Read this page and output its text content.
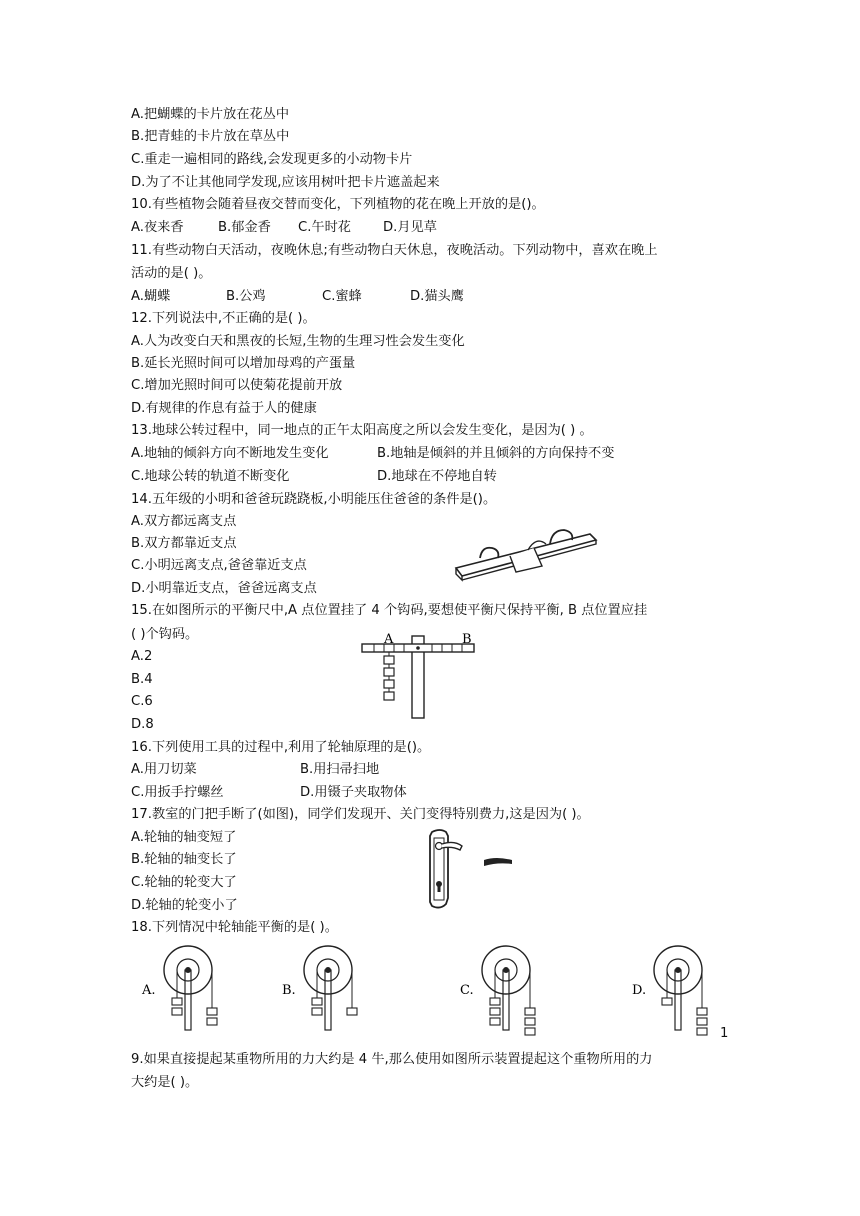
A.把蝴蝶的卡片放在花丛中
B.把青蛙的卡片放在草丛中
C.重走一遍相同的路线,会发现更多的小动物卡片
D.为了不让其他同学发现,应该用树叶把卡片遮盖起来
10.有些植物会随着昼夜交替而变化，下列植物的花在晚上开放的是()。
A.夜来香	B.郁金香 C.午时花 D.月见草
11.有些动物白天活动，夜晚休息;有些动物白天休息，夜晚活动。下列动物中，喜欢在晚上
活动的是( )。
A.蝴蝶	B.公鸡	C.蜜蜂	D.猫头鹰
12.下列说法中,不正确的是( )。
A.人为改变白天和黑夜的长短,生物的生理习性会发生变化
B.延长光照时间可以增加母鸡的产蛋量
C.增加光照时间可以使菊花提前开放
D.有规律的作息有益于人的健康
13.地球公转过程中，同一地点的正午太阳高度之所以会发生变化，是因为( ) 。
A.地轴的倾斜方向不断地发生变化	B.地轴是倾斜的并且倾斜的方向保持不变
C.地球公转的轨道不断变化	D.地球在不停地自转
14.五年级的小明和爸爸玩跷跷板,小明能压住爸爸的条件是()。
A.双方都远离支点
B.双方都靠近支点
C.小明远离支点,爸爸靠近支点
D.小明靠近支点，爸爸远离支点
15.在如图所示的平衡尺中,A 点位置挂了 4 个钩码,要想使平衡尺保持平衡, B 点位置应挂
( )个钩码。
A.2
B.4
C.6
D.8
A	B
16.下列使用工具的过程中,利用了轮轴原理的是()。
A.用刀切菜	B.用扫帚扫地
C.用扳手拧螺丝	D.用镊子夹取物体
17.教室的门把手断了(如图)，同学们发现开、关门变得特别费力,这是因为( )。
A.轮轴的轴变短了
B.轮轴的轴变长了
C.轮轴的轮变大了
D.轮轴的轮变小了
18.下列情况中轮轴能平衡的是( )。
A.	B.	C.	D.
1
9.如果直接提起某重物所用的力大约是 4 牛,那么使用如图所示装置提起这个重物所用的力
大约是( )。
